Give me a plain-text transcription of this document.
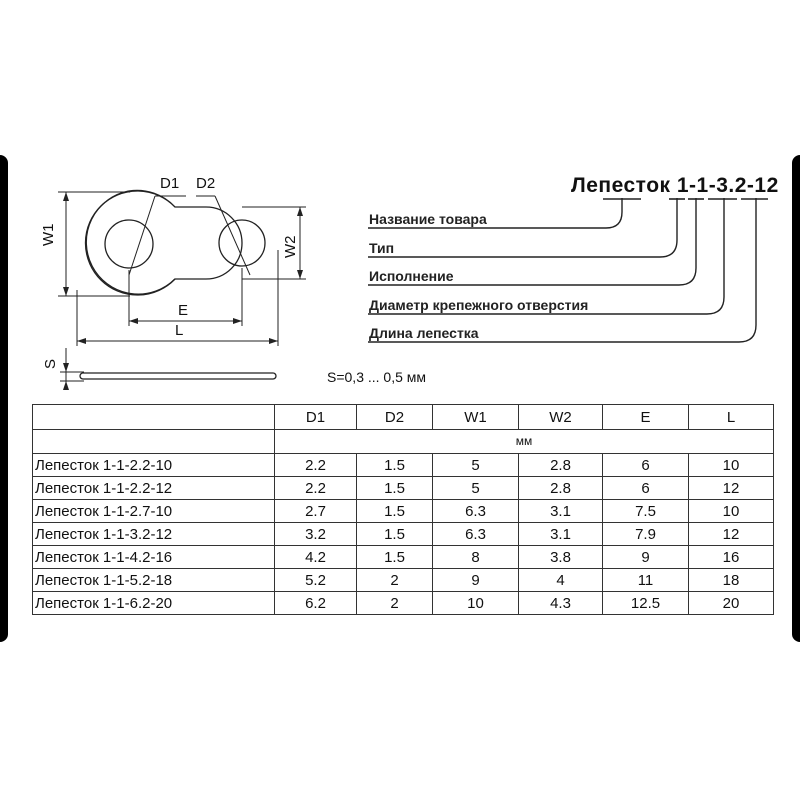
D1 D2
W1
W2
E
L
S
S=0,3 ... 0,5 мм
Лепесток 1-1-3.2-12
Название товара
Тип
Исполнение
Диаметр крепежного отверстия
Длина лепестка
	D1	D2	W1	W2	E	L
	мм					
Лепесток 1-1-2.2-10	2.2	1.5	5	2.8	6	10
Лепесток 1-1-2.2-12	2.2	1.5	5	2.8	6	12
Лепесток 1-1-2.7-10	2.7	1.5	6.3	3.1	7.5	10
Лепесток 1-1-3.2-12	3.2	1.5	6.3	3.1	7.9	12
Лепесток 1-1-4.2-16	4.2	1.5	8	3.8	9	16
Лепесток 1-1-5.2-18	5.2	2	9	4	11	18
Лепесток 1-1-6.2-20	6.2	2	10	4.3	12.5	20
